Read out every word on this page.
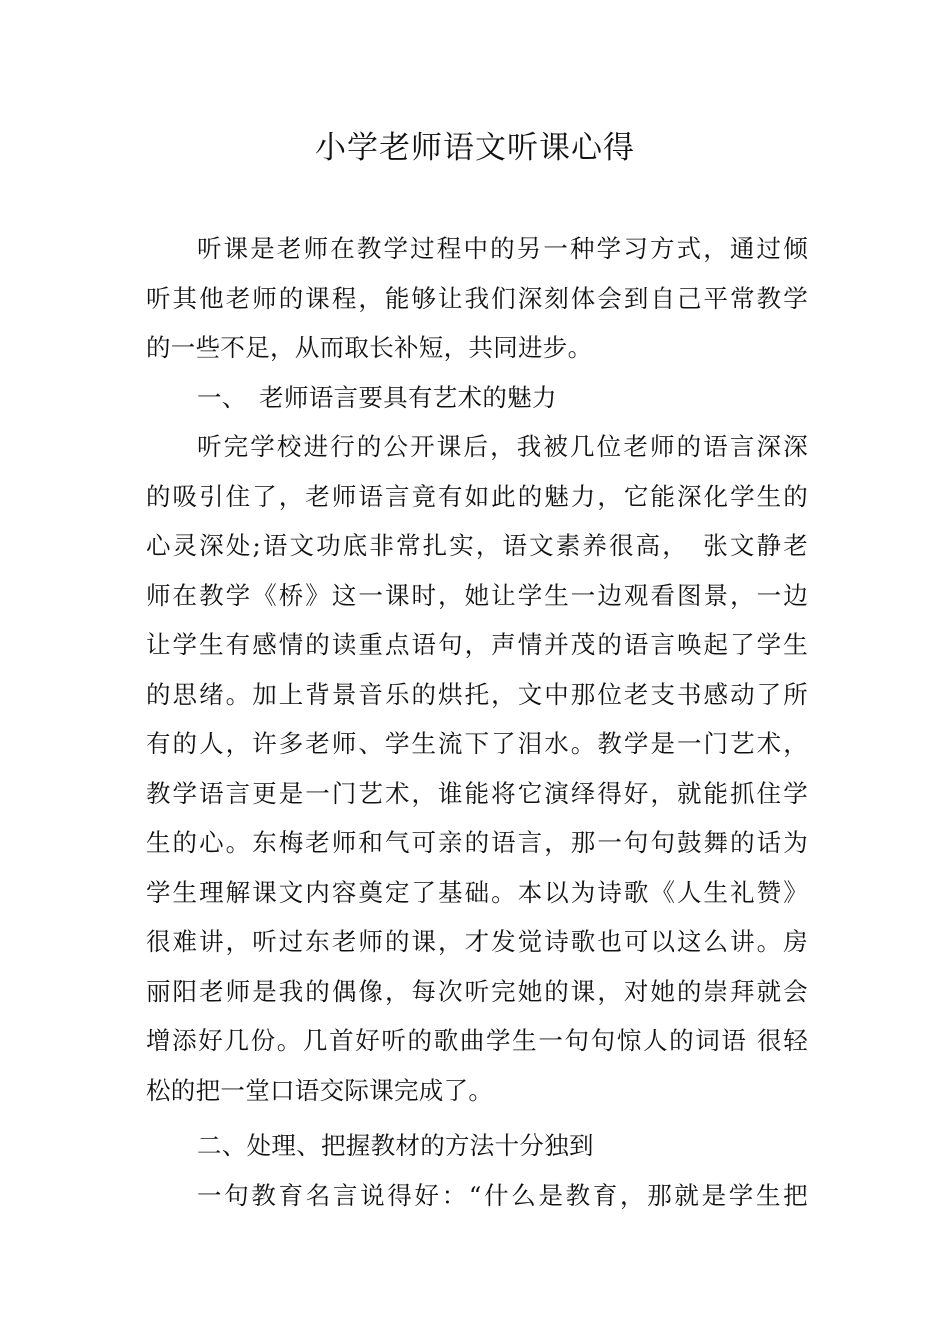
小学老师语文听课心得
听课是老师在教学过程中的另一种学习方式，通过倾
听其他老师的课程，能够让我们深刻体会到自己平常教学
的一些不足，从而取长补短，共同进步。
一、　老师语言要具有艺术的魅力
听完学校进行的公开课后，我被几位老师的语言深深
的吸引住了，老师语言竟有如此的魅力，它能深化学生的
心灵深处;语文功底非常扎实，语文素养很高，　张文静老
师在教学《桥》这一课时，她让学生一边观看图景，一边
让学生有感情的读重点语句，声情并茂的语言唤起了学生
的思绪。加上背景音乐的烘托，文中那位老支书感动了所
有的人，许多老师、学生流下了泪水。教学是一门艺术，
教学语言更是一门艺术，谁能将它演绎得好，就能抓住学
生的心。东梅老师和气可亲的语言，那一句句鼓舞的话为
学生理解课文内容奠定了基础。本以为诗歌《人生礼赞》
很难讲，听过东老师的课，才发觉诗歌也可以这么讲。房
丽阳老师是我的偶像，每次听完她的课，对她的崇拜就会
增添好几份。几首好听的歌曲学生一句句惊人的词语 很轻
松的把一堂口语交际课完成了。
二、处理、把握教材的方法十分独到
一句教育名言说得好：“什么是教育，那就是学生把
